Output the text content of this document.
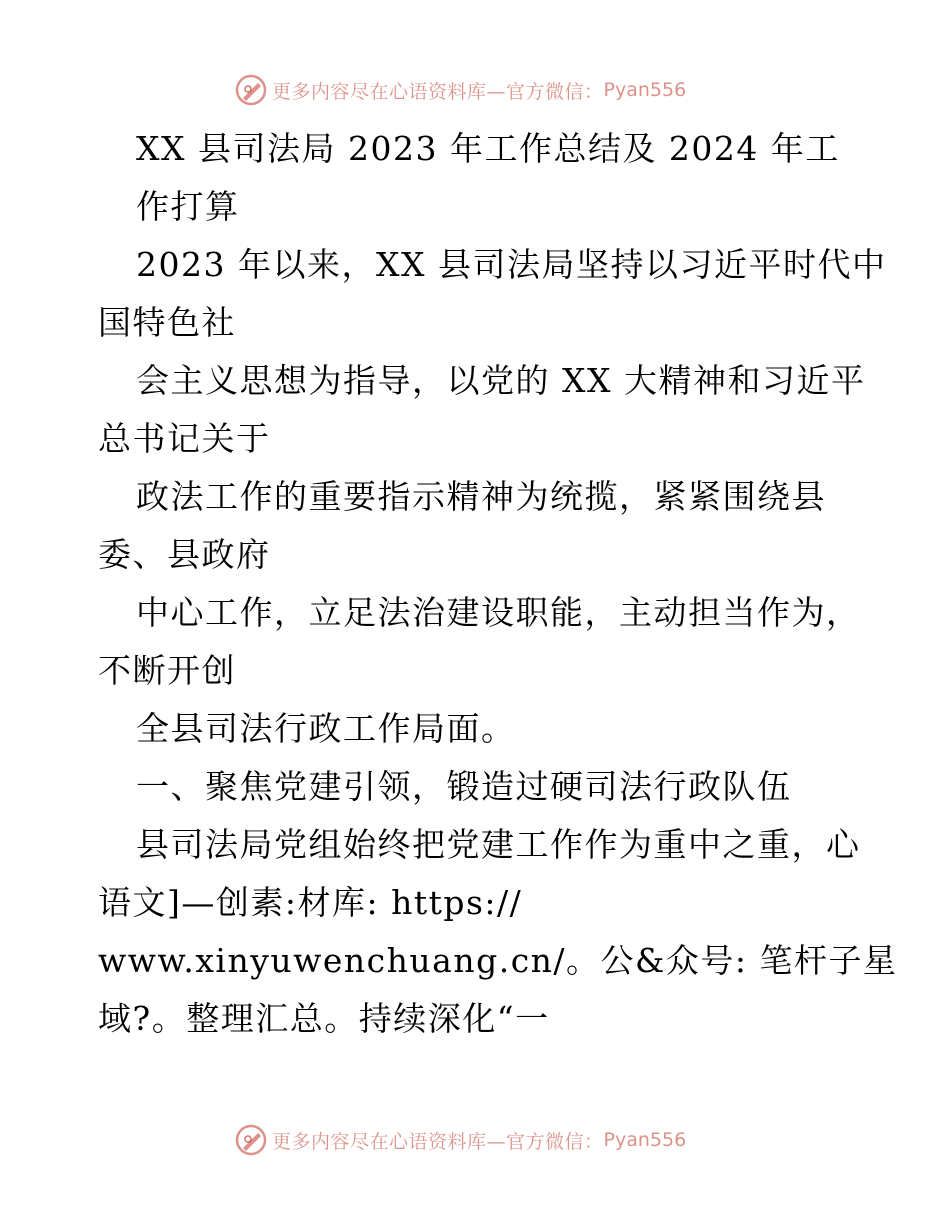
更多内容尽在心语资料库—官方微信： Pyan556
XX 县司法局 2023 年工作总结及 2024 年工
作打算
2023 年以来，XX 县司法局坚持以习近平时代中
国特色社
会主义思想为指导，以党的 XX 大精神和习近平
总书记关于
政法工作的重要指示精神为统揽，紧紧围绕县
委、县政府
中心工作，立足法治建设职能，主动担当作为，
不断开创
全县司法行政工作局面。
一、聚焦党建引领，锻造过硬司法行政队伍
县司法局党组始终把党建工作作为重中之重，心
语文]—创素:材库: https://
www.xinyuwenchuang.cn/。公&众号: 笔杆子星
域?。整理汇总。持续深化“一
更多内容尽在心语资料库—官方微信： Pyan556
